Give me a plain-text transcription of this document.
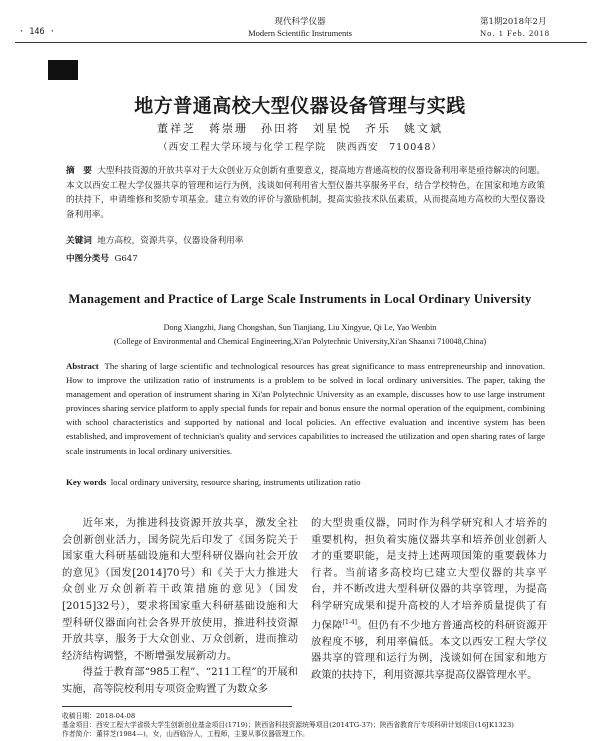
· 146 ·
现代科学仪器
Modern Scientific Instruments
第1期2018年2月
No. 1 Feb. 2018
地方普通高校大型仪器设备管理与实践
董祥芝　蒋崇珊　孙田将　刘星悦　齐乐　姚文斌
（西安工程大学环境与化学工程学院　陕西西安　710048）
摘　要 大型科技资源的开放共享对于大众创业万众创新有重要意义，提高地方普通高校的仪器设备利用率是亟待解决的问题。本文以西安工程大学仪器共享的管理和运行为例，浅谈如何利用省大型仪器共享服务平台，结合学校特色，在国家和地方政策的扶持下，申请维修和奖励专项基金。建立有效的评价与激励机制，提高实验技术队伍素质，从而提高地方高校的大型仪器设备利用率。
关键词 地方高校，资源共享，仪器设备利用率
中图分类号 G647
Management and Practice of Large Scale Instruments in Local Ordinary University
Dong Xiangzhi, Jiang Chongshan, Sun Tianjiang, Liu Xingyue, Qi Le, Yao Wenbin
(College of Environmental and Chemical Engineering,Xi'an Polytechnic University,Xi'an Shaanxi 710048,China)
Abstract The sharing of large scientific and technological resources has great significance to mass entrepreneurship and innovation. How to improve the utilization ratio of instruments is a problem to be solved in local ordinary universities. The paper, taking the management and operation of instrument sharing in Xi'an Polytechnic University as an example, discusses how to use large instrument provinces sharing service platform to apply special funds for repair and bonus ensure the normal operation of the equipment, combining with school characteristics and supported by national and local policies. An effective evaluation and incentive system has been established, and improvement of technician's quality and services capabilities to increased the utilization and open sharing rates of large scale instruments in local ordinary universities.
Key words local ordinary university, resource sharing, instruments utilization ratio
近年来，为推进科技资源开放共享，激发全社会创新创业活力，国务院先后印发了《国务院关于国家重大科研基础设施和大型科研仪器向社会开放的意见》（国发[2014]70号）和《关于大力推进大众创业万众创新若干政策措施的意见》（国发[2015]32号），要求将国家重大科研基础设施和大型科研仪器面向社会各界开放使用，推进科技资源开放共享，服务于大众创业、万众创新，进而推动经济结构调整，不断增强发展新动力。
得益于教育部“985工程”、“211工程”的开展和实施，高等院校利用专项资金购置了为数众多
的大型贵重仪器，同时作为科学研究和人才培养的重要机构，担负着实施仪器共享和培养创业创新人才的重要职能，是支持上述两项国策的重要载体力行者。当前诸多高校均已建立大型仪器的共享平台，并不断改进大型科研仪器的共享管理，为提高科学研究成果和提升高校的人才培养质量提供了有力保障[1-4]。但仍有不少地方普通高校的科研资源开放程度不够，利用率偏低。本文以西安工程大学仪器共享的管理和运行为例，浅谈如何在国家和地方政策的扶持下，利用资源共享提高仪器管理水平。
收稿日期：2018-04-08
基金项目：西安工程大学省级大学生创新创业基金项目(1719)；陕西省科技资源统筹项目(2014TG-37)；陕西省教育厅专项科研计划项目(16JK1323)
作者简介：董祥芝(1984—)，女，山西临汾人，工程师，主要从事仪器管理工作。
